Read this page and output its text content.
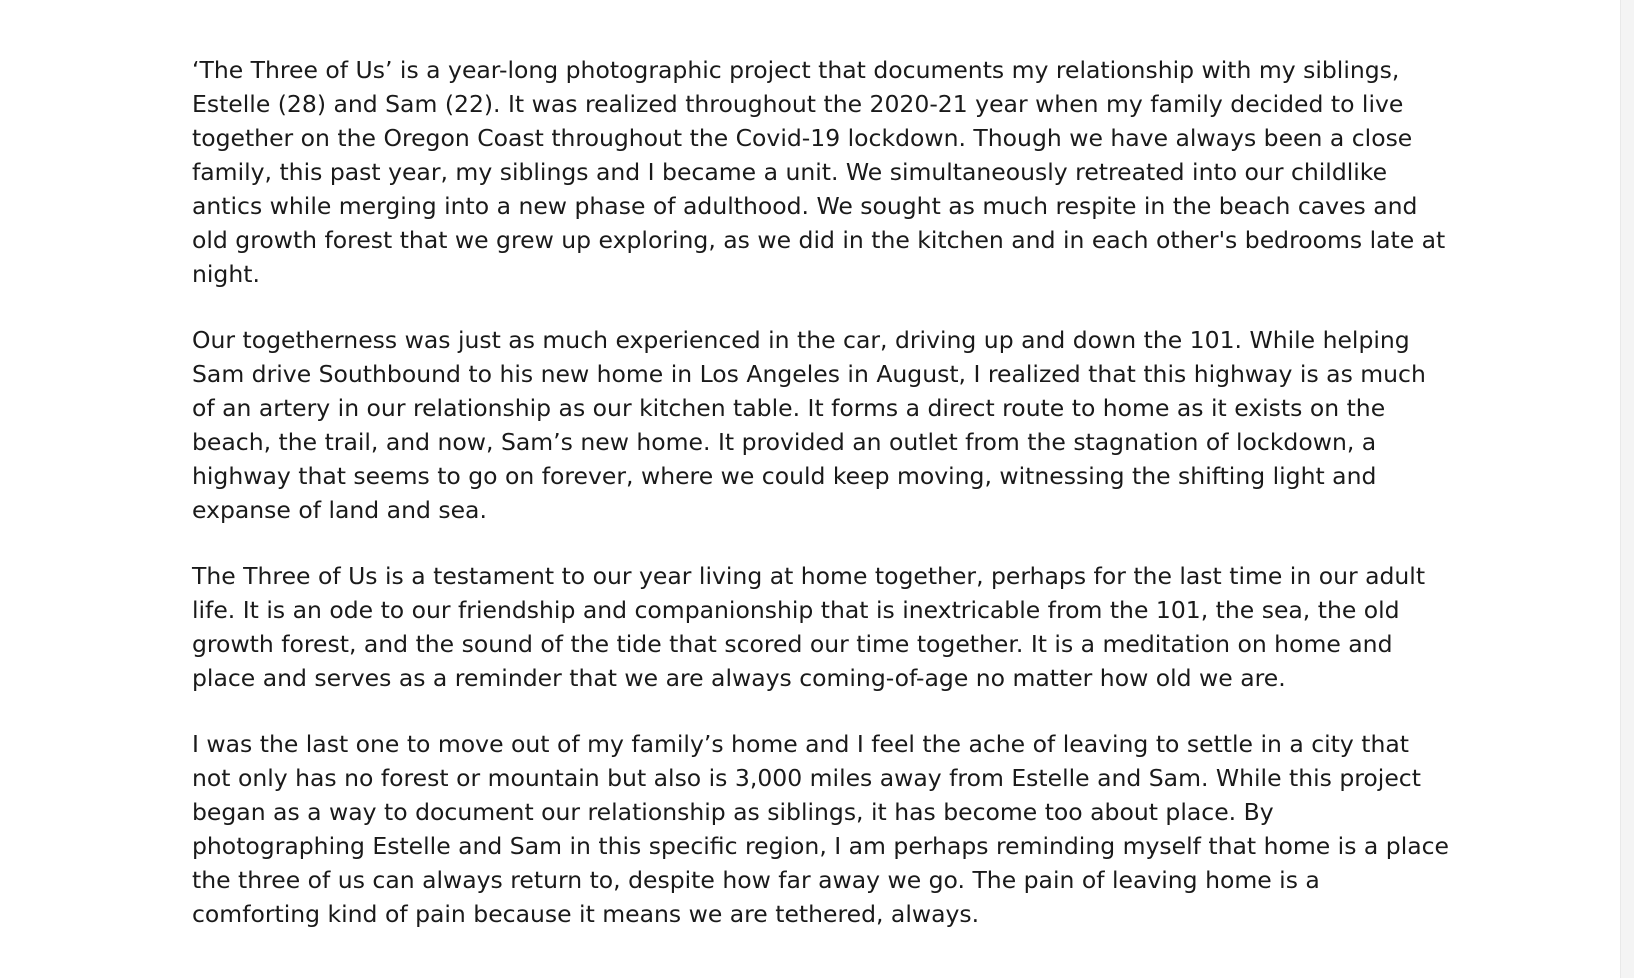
‘The Three of Us’ is a year-long photographic project that documents my relationship with my siblings, Estelle (28) and Sam (22). It was realized throughout the 2020-21 year when my family decided to live together on the Oregon Coast throughout the Covid-19 lockdown. Though we have always been a close family, this past year, my siblings and I became a unit. We simultaneously retreated into our childlike antics while merging into a new phase of adulthood. We sought as much respite in the beach caves and old growth forest that we grew up exploring, as we did in the kitchen and in each other's bedrooms late at night.

Our togetherness was just as much experienced in the car, driving up and down the 101. While helping Sam drive Southbound to his new home in Los Angeles in August, I realized that this highway is as much of an artery in our relationship as our kitchen table. It forms a direct route to home as it exists on the beach, the trail, and now, Sam’s new home. It provided an outlet from the stagnation of lockdown, a highway that seems to go on forever, where we could keep moving, witnessing the shifting light and expanse of land and sea.

The Three of Us is a testament to our year living at home together, perhaps for the last time in our adult life. It is an ode to our friendship and companionship that is inextricable from the 101, the sea, the old growth forest, and the sound of the tide that scored our time together. It is a meditation on home and place and serves as a reminder that we are always coming-of-age no matter how old we are.

I was the last one to move out of my family’s home and I feel the ache of leaving to settle in a city that not only has no forest or mountain but also is 3,000 miles away from Estelle and Sam. While this project began as a way to document our relationship as siblings, it has become too about place. By photographing Estelle and Sam in this specific region, I am perhaps reminding myself that home is a place the three of us can always return to, despite how far away we go. The pain of leaving home is a comforting kind of pain because it means we are tethered, always.
